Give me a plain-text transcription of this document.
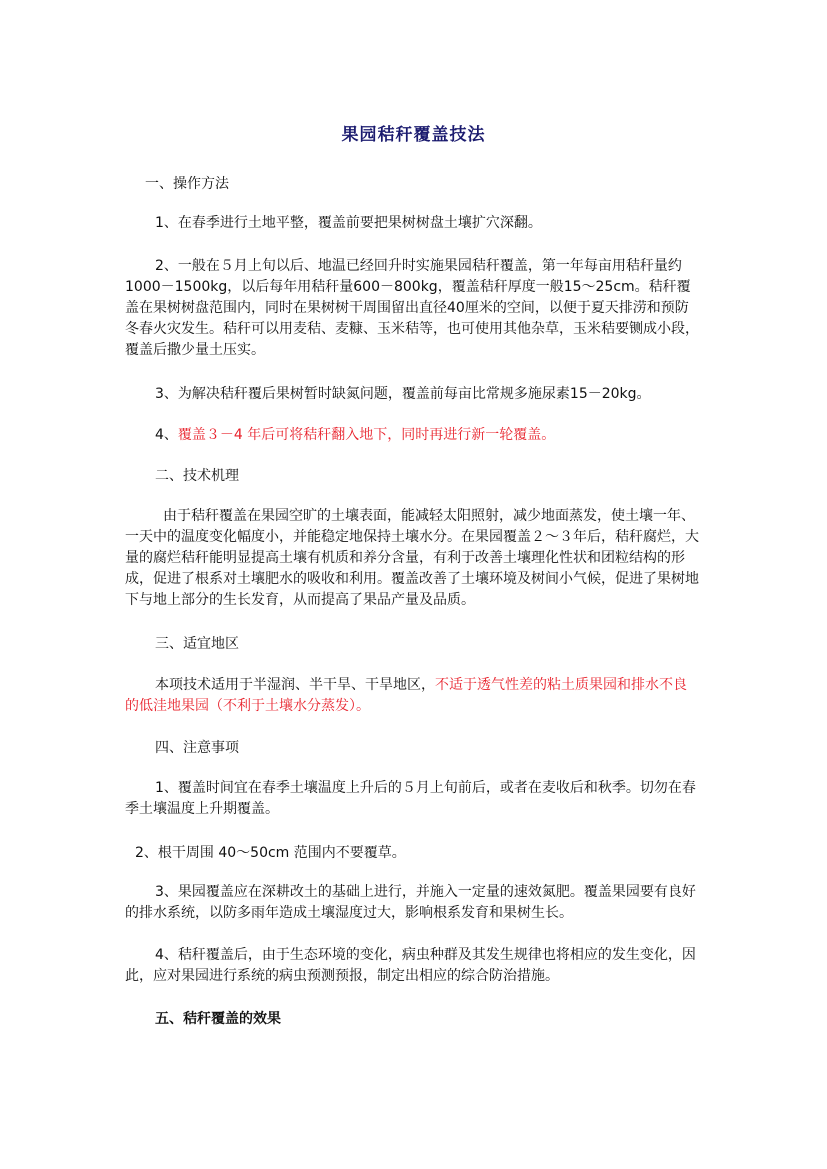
果园秸秆覆盖技法

一、操作方法

1、在春季进行土地平整，覆盖前要把果树树盘土壤扩穴深翻。

2、一般在５月上旬以后、地温已经回升时实施果园秸秆覆盖，第一年每亩用秸秆量约1000－1500kg，以后每年用秸秆量600－800kg，覆盖秸秆厚度一般15～25cm。秸秆覆盖在果树树盘范围内，同时在果树树干周围留出直径40厘米的空间，以便于夏天排涝和预防冬春火灾发生。秸秆可以用麦秸、麦糠、玉米秸等，也可使用其他杂草，玉米秸要铡成小段，覆盖后撒少量土压实。

3、为解决秸秆覆后果树暂时缺氮问题，覆盖前每亩比常规多施尿素15－20kg。

4、覆盖３－4 年后可将秸秆翻入地下，同时再进行新一轮覆盖。

二、技术机理

由于秸秆覆盖在果园空旷的土壤表面，能减轻太阳照射，减少地面蒸发，使土壤一年、一天中的温度变化幅度小，并能稳定地保持土壤水分。在果园覆盖２～３年后，秸秆腐烂，大量的腐烂秸秆能明显提高土壤有机质和养分含量，有利于改善土壤理化性状和团粒结构的形成，促进了根系对土壤肥水的吸收和利用。覆盖改善了土壤环境及树间小气候，促进了果树地下与地上部分的生长发育，从而提高了果品产量及品质。

三、适宜地区

本项技术适用于半湿润、半干旱、干旱地区，不适于透气性差的粘土质果园和排水不良的低洼地果园（不利于土壤水分蒸发）。

四、注意事项

1、覆盖时间宜在春季土壤温度上升后的５月上旬前后，或者在麦收后和秋季。切勿在春季土壤温度上升期覆盖。

2、根干周围 40～50cm 范围内不要覆草。

3、果园覆盖应在深耕改土的基础上进行，并施入一定量的速效氮肥。覆盖果园要有良好的排水系统，以防多雨年造成土壤湿度过大，影响根系发育和果树生长。

4、秸秆覆盖后，由于生态环境的变化，病虫种群及其发生规律也将相应的发生变化，因此，应对果园进行系统的病虫预测预报，制定出相应的综合防治措施。

五、秸秆覆盖的效果
